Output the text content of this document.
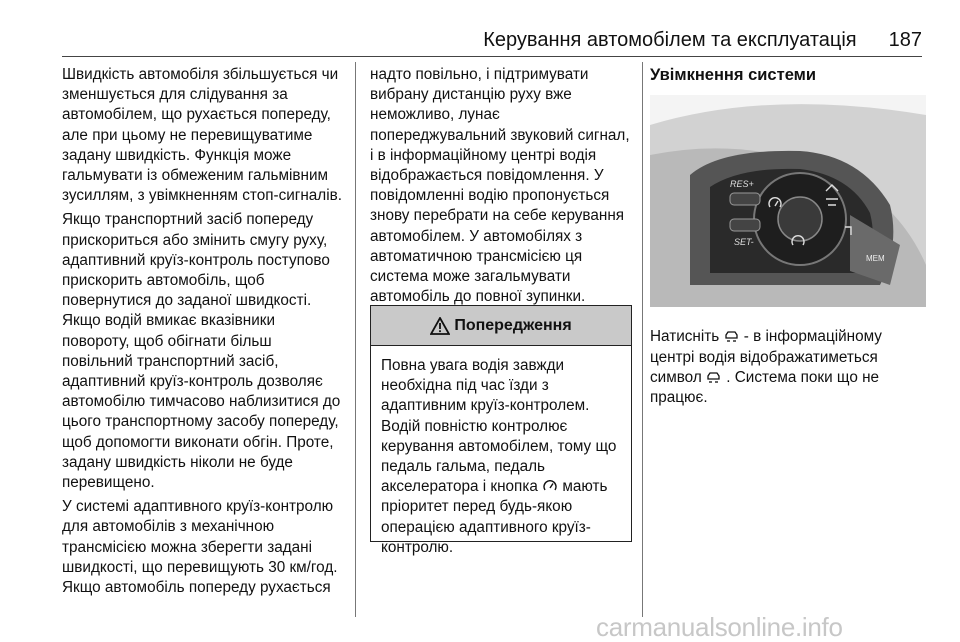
Керування автомобілем та експлуатація 187

Швидкість автомобіля збільшується чи зменшується для слідування за автомобілем, що рухається попереду, але при цьому не перевищуватиме задану швидкість. Функція може гальмувати із обмеженим гальмівним зусиллям, з увімкненням стоп-сигналів.

Якщо транспортний засіб попереду прискориться або змінить смугу руху, адаптивний круїз-контроль поступово прискорить автомобіль, щоб повернутися до заданої швидкості. Якщо водій вмикає вказівники повороту, щоб обігнати більш повільний транспортний засіб, адаптивний круїз-контроль дозволяє автомобілю тимчасово наблизитися до цього транспортному засобу попереду, щоб допомогти виконати обгін. Проте, задану швидкість ніколи не буде перевищено.

У системі адаптивного круїз-контролю для автомобілів з механічною трансмісією можна зберегти задані швидкості, що перевищують 30 км/год. Якщо автомобіль попереду рухається

надто повільно, і підтримувати вибрану дистанцію руху вже неможливо, лунає попереджувальний звуковий сигнал, і в інформаційному центрі водія відображається повідомлення. У повідомленні водію пропонується знову перебрати на себе керування автомобілем. У автомобілях з автоматичною трансмісією ця система може загальмувати автомобіль до повної зупинки.

Попередження
Повна увага водія завжди необхідна під час їзди з адаптивним круїз-контролем. Водій повністю контролює керування автомобілем, тому що педаль гальма, педаль акселератора і кнопка  мають пріоритет перед будь-якою операцією адаптивного круїз-контролю.
Увімкнення системи
RES+
SET-
MEM

Натисніть  - в інформаційному центрі водія відображатиметься символ . Система поки що не працює.

carmanualsonline.info
